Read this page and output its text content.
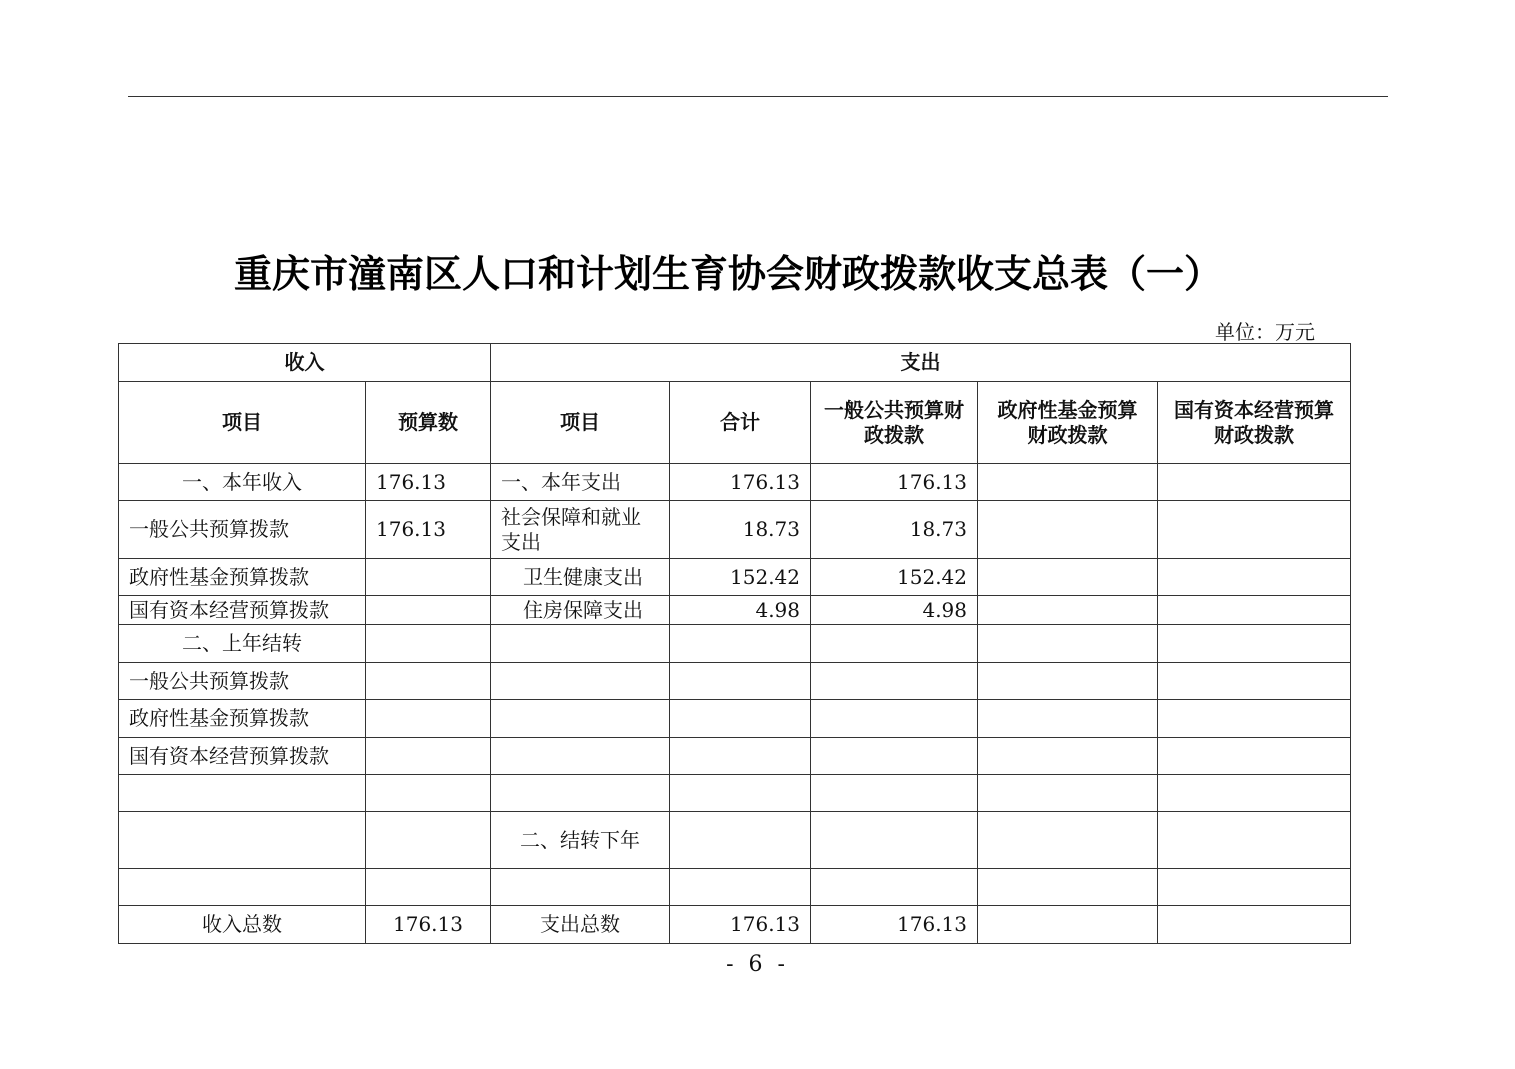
重庆市潼南区人口和计划生育协会财政拨款收支总表（一）
单位：万元
收入		支出				
项目	预算数	项目	合计	一般公共预算财政拨款	政府性基金预算财政拨款	国有资本经营预算财政拨款
一、本年收入	176.13	一、本年支出	176.13	176.13		
一般公共预算拨款	176.13	社会保障和就业支出	18.73	18.73		
政府性基金预算拨款		卫生健康支出	152.42	152.42		
国有资本经营预算拨款		住房保障支出	4.98	4.98		
二、上年结转						
一般公共预算拨款						
政府性基金预算拨款						
国有资本经营预算拨款						

		二、结转下年				

收入总数	176.13	支出总数	176.13	176.13		
- 6 -
